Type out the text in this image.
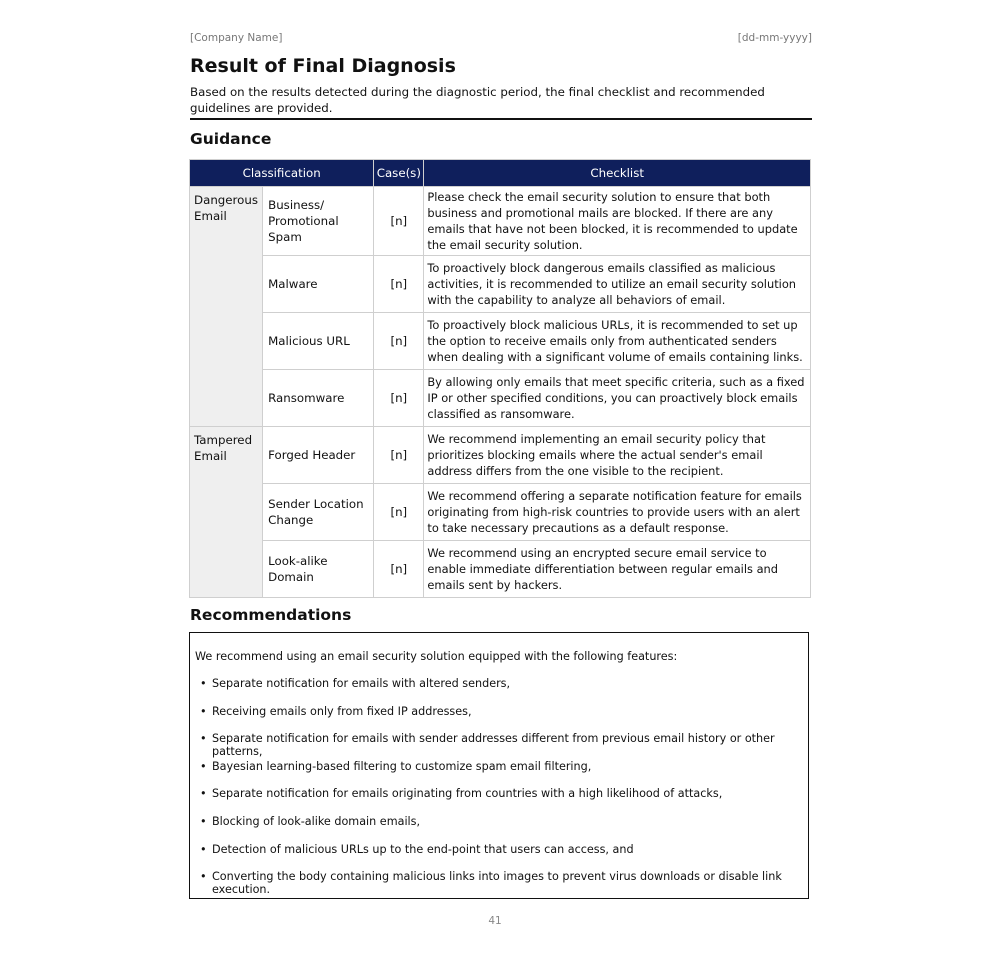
[Company Name]	[dd-mm-yyyy]
Result of Final Diagnosis

Based on the results detected during the diagnostic period, the final checklist and recommended guidelines are provided.

Guidance
Classification		Case(s)	Checklist
Dangerous Email	Business/ Promotional Spam	[n]	Please check the email security solution to ensure that both business and promotional mails are blocked. If there are any emails that have not been blocked, it is recommended to update the email security solution.
	Malware	[n]	To proactively block dangerous emails classified as malicious activities, it is recommended to utilize an email security solution with the capability to analyze all behaviors of email.
	Malicious URL	[n]	To proactively block malicious URLs, it is recommended to set up the option to receive emails only from authenticated senders when dealing with a significant volume of emails containing links.
	Ransomware	[n]	By allowing only emails that meet specific criteria, such as a fixed IP or other specified conditions, you can proactively block emails classified as ransomware.
Tampered Email	Forged Header	[n]	We recommend implementing an email security policy that prioritizes blocking emails where the actual sender's email address differs from the one visible to the recipient.
	Sender Location Change	[n]	We recommend offering a separate notification feature for emails originating from high-risk countries to provide users with an alert to take necessary precautions as a default response.
	Look-alike Domain	[n]	We recommend using an encrypted secure email service to enable immediate differentiation between regular emails and emails sent by hackers.
Recommendations

We recommend using an email security solution equipped with the following features:

• Separate notification for emails with altered senders,
• Receiving emails only from fixed IP addresses,
• Separate notification for emails with sender addresses different from previous email history or other patterns,
• Bayesian learning-based filtering to customize spam email filtering,
• Separate notification for emails originating from countries with a high likelihood of attacks,
• Blocking of look-alike domain emails,
• Detection of malicious URLs up to the end-point that users can access, and
• Converting the body containing malicious links into images to prevent virus downloads or disable link execution.
41
